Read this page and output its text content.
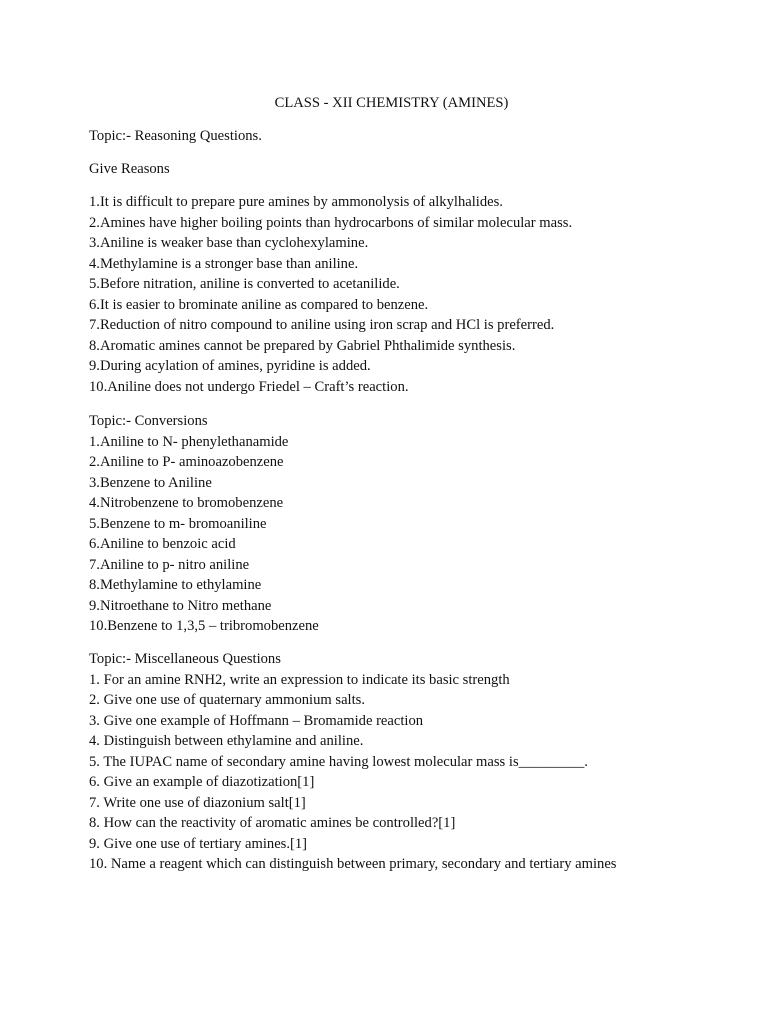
CLASS - XII CHEMISTRY (AMINES)
Topic:- Reasoning Questions.
Give Reasons
1.It is difficult to prepare pure amines by ammonolysis of alkylhalides.
2.Amines have higher boiling points than hydrocarbons of similar molecular mass.
3.Aniline is weaker base than cyclohexylamine.
4.Methylamine is a stronger base than aniline.
5.Before nitration, aniline is converted to acetanilide.
6.It is easier to brominate aniline as compared to benzene.
7.Reduction of nitro compound to aniline using iron scrap and HCl is preferred.
8.Aromatic amines cannot be prepared by Gabriel Phthalimide synthesis.
9.During acylation of amines, pyridine is added.
10.Aniline does not undergo Friedel – Craft’s reaction.
Topic:- Conversions
1.Aniline to N- phenylethanamide
2.Aniline to P- aminoazobenzene
3.Benzene to Aniline
4.Nitrobenzene to bromobenzene
5.Benzene to m- bromoaniline
6.Aniline to benzoic acid
7.Aniline to p- nitro aniline
8.Methylamine to ethylamine
9.Nitroethane to Nitro methane
10.Benzene to 1,3,5 – tribromobenzene
Topic:- Miscellaneous Questions
1. For an amine RNH2, write an expression to indicate its basic strength
2. Give one use of quaternary ammonium salts.
3. Give one example of Hoffmann – Bromamide reaction
4. Distinguish between ethylamine and aniline.
5. The IUPAC name of secondary amine having lowest molecular mass is_________.
6. Give an example of diazotization[1]
7. Write one use of diazonium salt[1]
8. How can the reactivity of aromatic amines be controlled?[1]
9. Give one use of tertiary amines.[1]
10. Name a reagent which can distinguish between primary, secondary and tertiary amines
